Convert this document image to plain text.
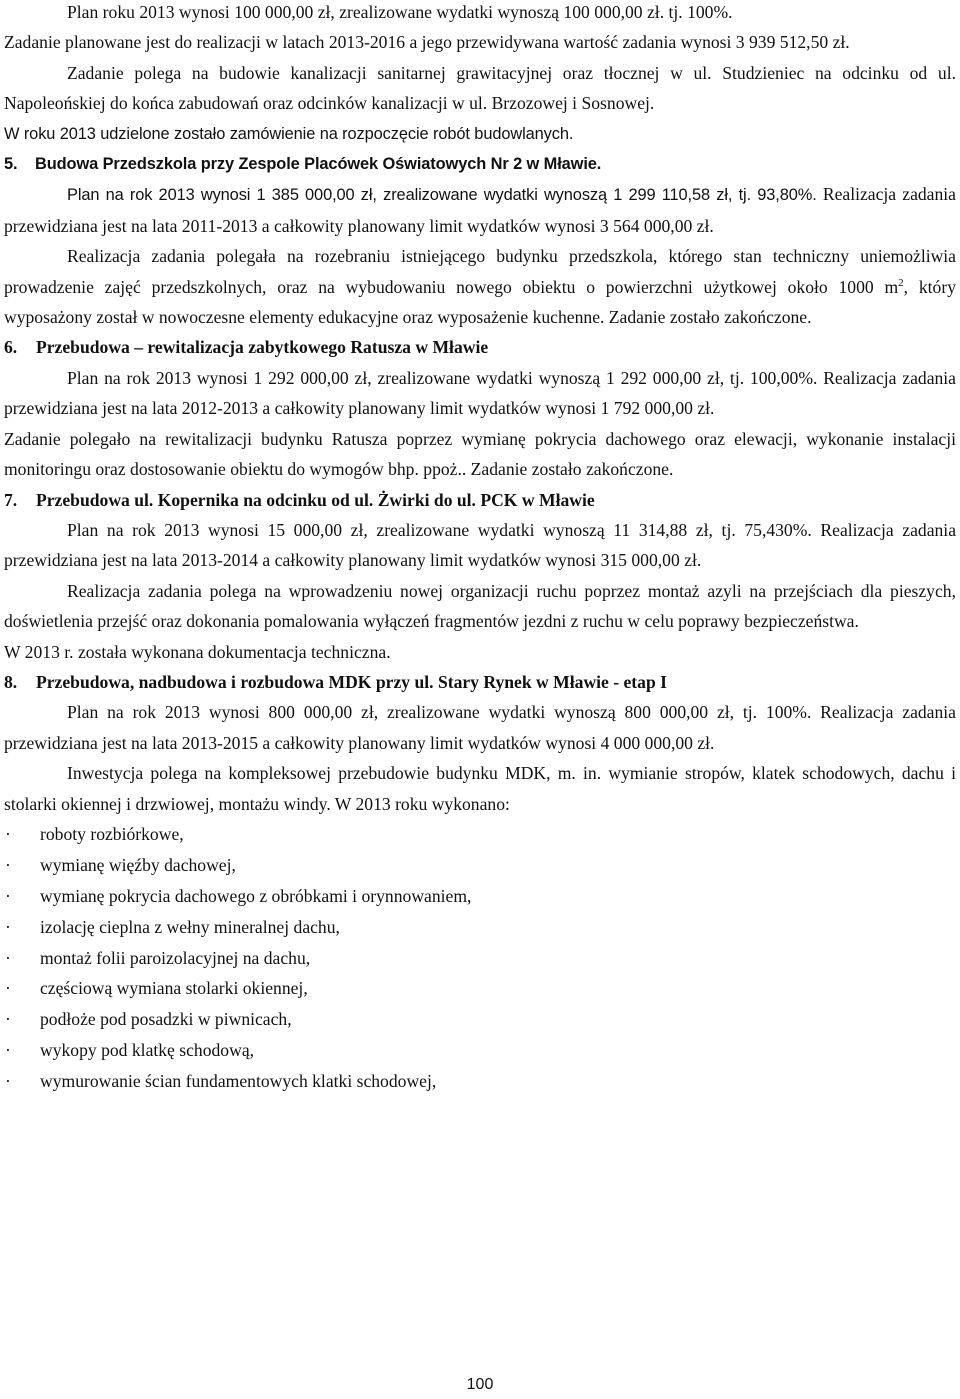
Plan roku 2013 wynosi 100 000,00 zł, zrealizowane wydatki wynoszą 100 000,00 zł. tj. 100%.

Zadanie planowane jest do realizacji w latach 2013-2016 a jego przewidywana wartość zadania wynosi 3 939 512,50 zł.

Zadanie polega na budowie kanalizacji sanitarnej grawitacyjnej oraz tłocznej w ul. Studzieniec na odcinku od ul. Napoleońskiej do końca zabudowań oraz odcinków kanalizacji w ul. Brzozowej i Sosnowej.

W roku 2013 udzielone zostało zamówienie na rozpoczęcie robót budowlanych.

5. Budowa Przedszkola przy Zespole Placówek Oświatowych Nr 2 w Mławie.

Plan na rok 2013 wynosi 1 385 000,00 zł, zrealizowane wydatki wynoszą 1 299 110,58 zł, tj. 93,80%. Realizacja zadania przewidziana jest na lata 2011-2013 a całkowity planowany limit wydatków wynosi 3 564 000,00 zł.

Realizacja zadania polegała na rozebraniu istniejącego budynku przedszkola, którego stan techniczny uniemożliwia prowadzenie zajęć przedszkolnych, oraz na wybudowaniu nowego obiektu o powierzchni użytkowej około 1000 $m^2$, który wyposażony został w nowoczesne elementy edukacyjne oraz wyposażenie kuchenne. Zadanie zostało zakończone.

6. Przebudowa – rewitalizacja zabytkowego Ratusza w Mławie

Plan na rok 2013 wynosi 1 292 000,00 zł, zrealizowane wydatki wynoszą 1 292 000,00 zł, tj. 100,00%. Realizacja zadania przewidziana jest na lata 2012-2013 a całkowity planowany limit wydatków wynosi 1 792 000,00 zł.

Zadanie polegało na rewitalizacji budynku Ratusza poprzez wymianę pokrycia dachowego oraz elewacji, wykonanie instalacji monitoringu oraz dostosowanie obiektu do wymogów bhp. ppoż.. Zadanie zostało zakończone.

7. Przebudowa ul. Kopernika na odcinku od ul. Żwirki do ul. PCK w Mławie

Plan na rok 2013 wynosi 15 000,00 zł, zrealizowane wydatki wynoszą 11 314,88 zł, tj. 75,430%. Realizacja zadania przewidziana jest na lata 2013-2014 a całkowity planowany limit wydatków wynosi 315 000,00 zł.

Realizacja zadania polega na wprowadzeniu nowej organizacji ruchu poprzez montaż azyli na przejściach dla pieszych, doświetlenia przejść oraz dokonania pomalowania wyłączeń fragmentów jezdni z ruchu w celu poprawy bezpieczeństwa.

W 2013 r. została wykonana dokumentacja techniczna.

8. Przebudowa, nadbudowa i rozbudowa MDK przy ul. Stary Rynek w Mławie - etap I

Plan na rok 2013 wynosi 800 000,00 zł, zrealizowane wydatki wynoszą 800 000,00 zł, tj. 100%. Realizacja zadania przewidziana jest na lata 2013-2015 a całkowity planowany limit wydatków wynosi 4 000 000,00 zł.

Inwestycja polega na kompleksowej przebudowie budynku MDK, m. in. wymianie stropów, klatek schodowych, dachu i stolarki okiennej i drzwiowej, montażu windy. W 2013 roku wykonano:

· roboty rozbiórkowe,
· wymianę więźby dachowej,
· wymianę pokrycia dachowego z obróbkami i orynnowaniem,
· izolację cieplna z wełny mineralnej dachu,
· montaż folii paroizolacyjnej na dachu,
· częściową wymiana stolarki okiennej,
· podłoże pod posadzki w piwnicach,
· wykopy pod klatkę schodową,
· wymurowanie ścian fundamentowych klatki schodowej,
100
